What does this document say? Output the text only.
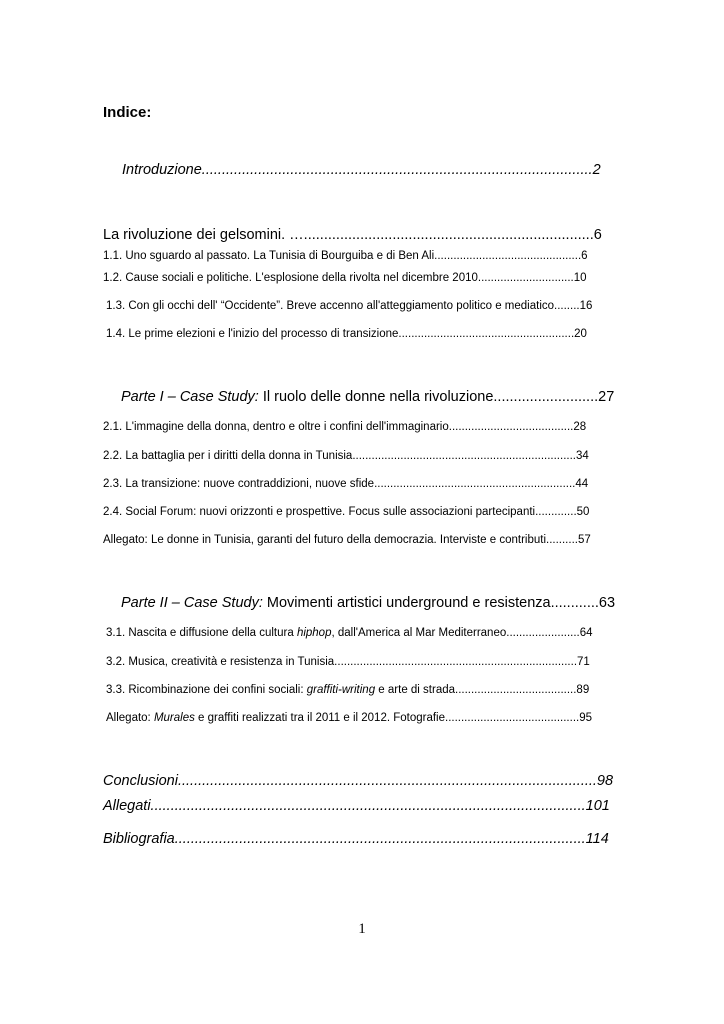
Indice:
Introduzione.................................................................................................2
La rivoluzione dei gelsomini. …........................................................................6
1.1. Uno sguardo al passato. La Tunisia di Bourguiba e di Ben Ali..............................................6
1.2. Cause sociali e politiche. L'esplosione della rivolta nel dicembre 2010..............................10
1.3. Con gli occhi dell' “Occidente”. Breve accenno all'atteggiamento politico e mediatico........16
1.4. Le prime elezioni e l'inizio del processo di transizione.......................................................20
Parte I – Case Study: Il ruolo delle donne nella rivoluzione..........................27
2.1. L'immagine della donna, dentro e oltre i confini dell'immaginario.......................................28
2.2. La battaglia per i diritti della donna in Tunisia......................................................................34
2.3. La transizione: nuove contraddizioni, nuove sfide...............................................................44
2.4. Social Forum: nuovi orizzonti e prospettive. Focus sulle associazioni partecipanti.............50
Allegato: Le donne in Tunisia, garanti del futuro della democrazia. Interviste e contributi..........57
Parte II – Case Study: Movimenti artistici underground e resistenza............63
3.1. Nascita e diffusione della cultura hiphop, dall'America al Mar Mediterraneo.......................64
3.2. Musica, creatività e resistenza in Tunisia............................................................................71
3.3. Ricombinazione dei confini sociali: graffiti-writing e arte di strada......................................89
Allegato: Murales e graffiti realizzati tra il 2011 e il 2012. Fotografie..........................................95
Conclusioni........................................................................................................98
Allegati............................................................................................................101
Bibliografia......................................................................................................114
1
